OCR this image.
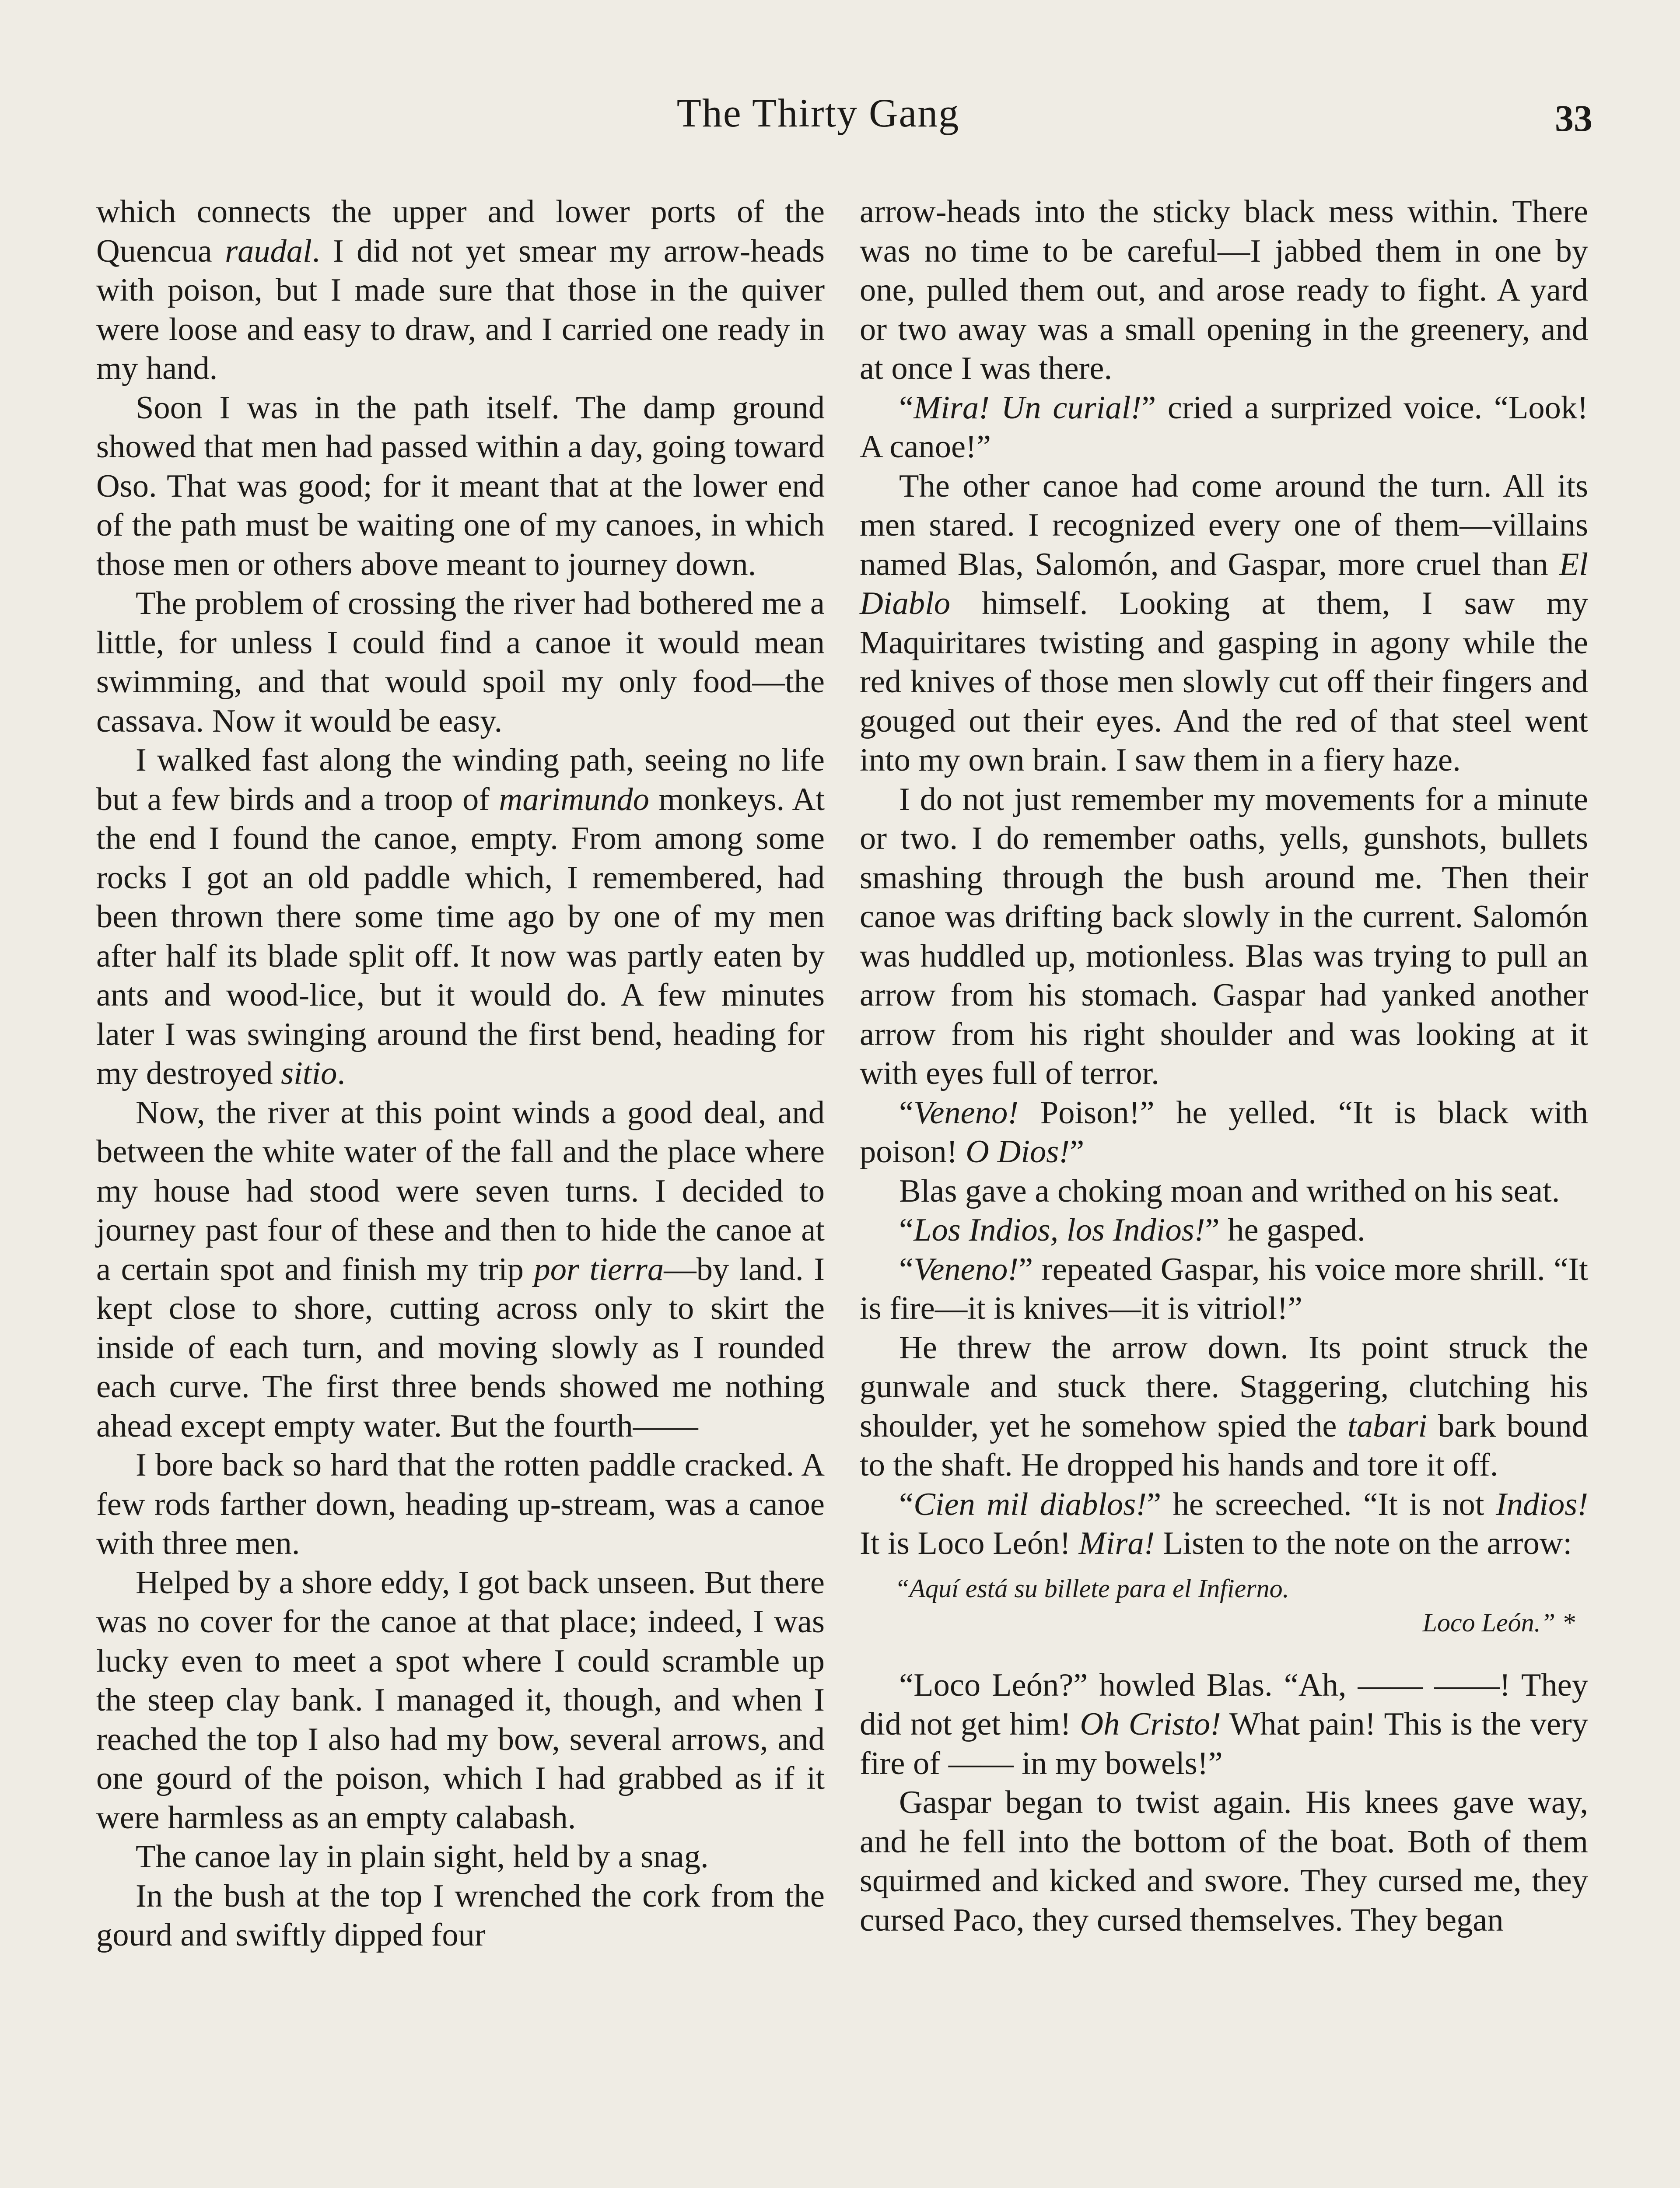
The Thirty Gang	33

which connects the upper and lower ports of the Quencua raudal. I did not yet smear my arrow-heads with poison, but I made sure that those in the quiver were loose and easy to draw, and I carried one ready in my hand.

Soon I was in the path itself. The damp ground showed that men had passed within a day, going toward Oso. That was good; for it meant that at the lower end of the path must be waiting one of my canoes, in which those men or others above meant to journey down.

The problem of crossing the river had bothered me a little, for unless I could find a canoe it would mean swimming, and that would spoil my only food—the cassava. Now it would be easy.

I walked fast along the winding path, seeing no life but a few birds and a troop of marimundo monkeys. At the end I found the canoe, empty. From among some rocks I got an old paddle which, I remembered, had been thrown there some time ago by one of my men after half its blade split off. It now was partly eaten by ants and wood-lice, but it would do. A few minutes later I was swinging around the first bend, heading for my destroyed sitio.

Now, the river at this point winds a good deal, and between the white water of the fall and the place where my house had stood were seven turns. I decided to journey past four of these and then to hide the canoe at a certain spot and finish my trip por tierra—by land. I kept close to shore, cutting across only to skirt the inside of each turn, and moving slowly as I rounded each curve. The first three bends showed me nothing ahead except empty water. But the fourth——

I bore back so hard that the rotten paddle cracked. A few rods farther down, heading up-stream, was a canoe with three men.

Helped by a shore eddy, I got back unseen. But there was no cover for the canoe at that place; indeed, I was lucky even to meet a spot where I could scramble up the steep clay bank. I managed it, though, and when I reached the top I also had my bow, several arrows, and one gourd of the poison, which I had grabbed as if it were harmless as an empty calabash.

The canoe lay in plain sight, held by a snag.

In the bush at the top I wrenched the cork from the gourd and swiftly dipped four

arrow-heads into the sticky black mess within. There was no time to be careful—I jabbed them in one by one, pulled them out, and arose ready to fight. A yard or two away was a small opening in the greenery, and at once I was there.

“Mira! Un curial!” cried a surprized voice. “Look! A canoe!”

The other canoe had come around the turn. All its men stared. I recognized every one of them—villains named Blas, Salomón, and Gaspar, more cruel than El Diablo himself. Looking at them, I saw my Maquiritares twisting and gasping in agony while the red knives of those men slowly cut off their fingers and gouged out their eyes. And the red of that steel went into my own brain. I saw them in a fiery haze.

I do not just remember my movements for a minute or two. I do remember oaths, yells, gunshots, bullets smashing through the bush around me. Then their canoe was drifting back slowly in the current. Salomón was huddled up, motionless. Blas was trying to pull an arrow from his stomach. Gaspar had yanked another arrow from his right shoulder and was looking at it with eyes full of terror.

“Veneno! Poison!” he yelled. “It is black with poison! O Dios!”

Blas gave a choking moan and writhed on his seat.

“Los Indios, los Indios!” he gasped.

“Veneno!” repeated Gaspar, his voice more shrill. “It is fire—it is knives—it is vitriol!”

He threw the arrow down. Its point struck the gunwale and stuck there. Staggering, clutching his shoulder, yet he somehow spied the tabari bark bound to the shaft. He dropped his hands and tore it off.

“Cien mil diablos!” he screeched. “It is not Indios! It is Loco León! Mira! Listen to the note on the arrow:

“Aquí está su billete para el Infierno.
Loco León.” *

“Loco León?” howled Blas. “Ah, —— ——! They did not get him! Oh Cristo! What pain! This is the very fire of —— in my bowels!”

Gaspar began to twist again. His knees gave way, and he fell into the bottom of the boat. Both of them squirmed and kicked and swore. They cursed me, they cursed Paco, they cursed themselves. They began
